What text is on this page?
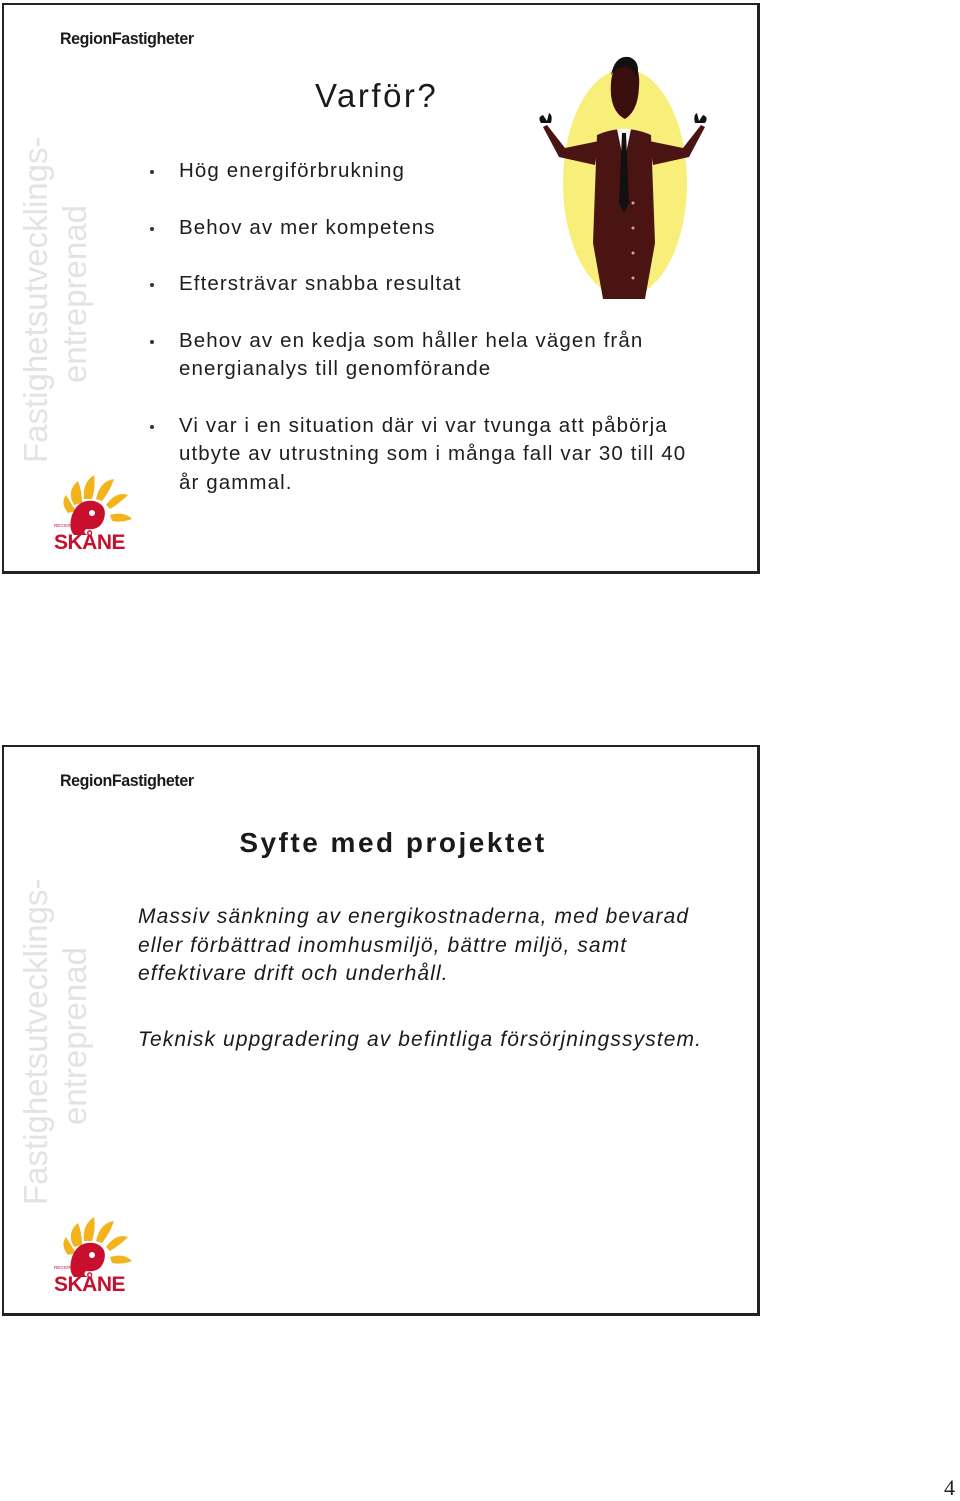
RegionFastigheter
Fastighetsutvecklings- entreprenad
Varför?
Hög energiförbrukning
Behov av mer kompetens
Eftersträvar snabba resultat
Behov av en kedja som håller hela vägen från energianalys till genomförande
Vi var i en situation där vi var tvunga att påbörja utbyte av utrustning som i många fall var 30 till 40 år gammal.
REGION
SKÅNE
RegionFastigheter
Fastighetsutvecklings- entreprenad
Syfte med projektet

Massiv sänkning av energikostnaderna, med bevarad eller förbättrad inomhusmiljö, bättre miljö, samt effektivare drift och underhåll.

Teknisk uppgradering av befintliga försörjningssystem.

REGION
SKÅNE
4
